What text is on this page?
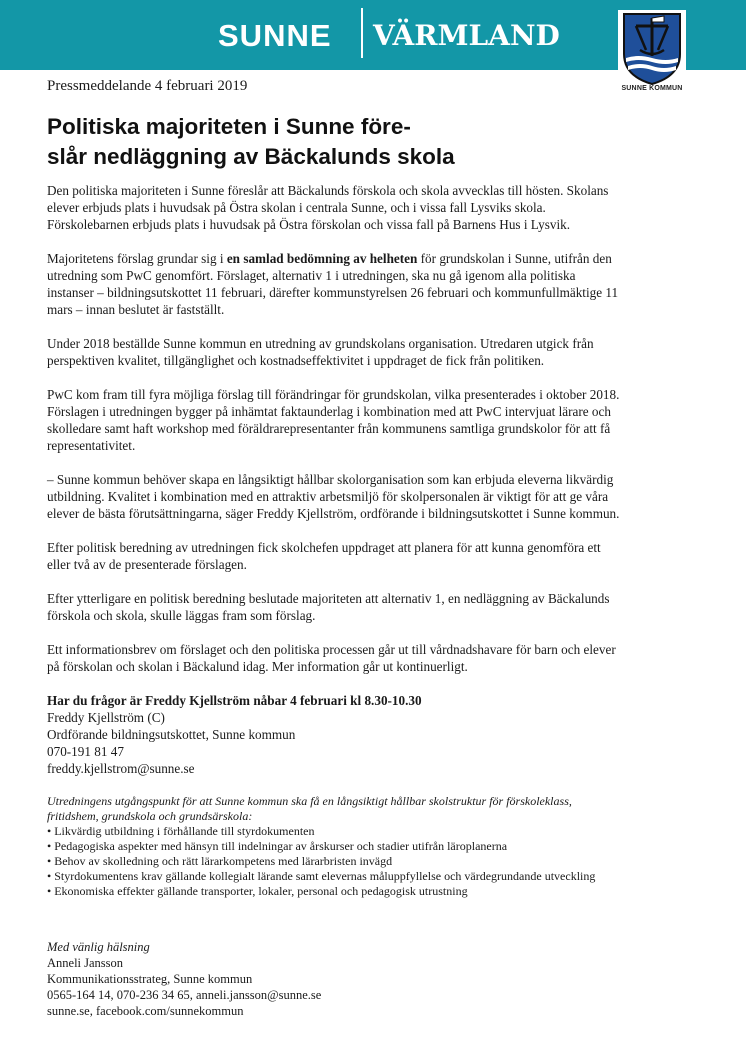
SUNNE VÄRMLAND
SUNNE KOMMUN
Pressmeddelande 4 februari 2019
Politiska majoriteten i Sunne före-
slår nedläggning av Bäckalunds skola

Den politiska majoriteten i Sunne föreslår att Bäckalunds förskola och skola avvecklas till hösten. Skolans elever erbjuds plats i huvudsak på Östra skolan i centrala Sunne, och i vissa fall Lysviks skola. Förskolebarnen erbjuds plats i huvudsak på Östra förskolan och vissa fall på Barnens Hus i Lysvik.

Majoritetens förslag grundar sig i en samlad bedömning av helheten för grundskolan i Sunne, utifrån den utredning som PwC genomfört. Förslaget, alternativ 1 i utredningen, ska nu gå igenom alla politiska instanser – bildningsutskottet 11 februari, därefter kommunstyrelsen 26 februari och kommunfullmäktige 11 mars – innan beslutet är fastställt.

Under 2018 beställde Sunne kommun en utredning av grundskolans organisation. Utredaren utgick från perspektiven kvalitet, tillgänglighet och kostnadseffektivitet i uppdraget de fick från politiken.

PwC kom fram till fyra möjliga förslag till förändringar för grundskolan, vilka presenterades i oktober 2018. Förslagen i utredningen bygger på inhämtat faktaunderlag i kombination med att PwC intervjuat lärare och skolledare samt haft workshop med föräldrarepresentanter från kommunens samtliga grundskolor för att få representativitet.

– Sunne kommun behöver skapa en långsiktigt hållbar skolorganisation som kan erbjuda eleverna likvärdig utbildning. Kvalitet i kombination med en attraktiv arbetsmiljö för skolpersonalen är viktigt för att ge våra elever de bästa förutsättningarna, säger Freddy Kjellström, ordförande i bildningsutskottet i Sunne kommun.

Efter politisk beredning av utredningen fick skolchefen uppdraget att planera för att kunna genomföra ett eller två av de presenterade förslagen.

Efter ytterligare en politisk beredning beslutade majoriteten att alternativ 1, en nedläggning av Bäckalunds förskola och skola, skulle läggas fram som förslag.

Ett informationsbrev om förslaget och den politiska processen går ut till vårdnadshavare för barn och elever på förskolan och skolan i Bäckalund idag. Mer information går ut kontinuerligt.

Har du frågor är Freddy Kjellström nåbar 4 februari kl 8.30-10.30
Freddy Kjellström (C)
Ordförande bildningsutskottet, Sunne kommun
070-191 81 47
freddy.kjellstrom@sunne.se
Utredningens utgångspunkt för att Sunne kommun ska få en långsiktigt hållbar skolstruktur för förskoleklass, fritidshem, grundskola och grundsärskola:
• Likvärdig utbildning i förhållande till styrdokumenten
• Pedagogiska aspekter med hänsyn till indelningar av årskurser och stadier utifrån läroplanerna
• Behov av skolledning och rätt lärarkompetens med lärarbristen invägd
• Styrdokumentens krav gällande kollegialt lärande samt elevernas måluppfyllelse och värdegrundande utveckling
• Ekonomiska effekter gällande transporter, lokaler, personal och pedagogisk utrustning
Med vänlig hälsning
Anneli Jansson
Kommunikationsstrateg, Sunne kommun
0565-164 14, 070-236 34 65, anneli.jansson@sunne.se
sunne.se, facebook.com/sunnekommun
